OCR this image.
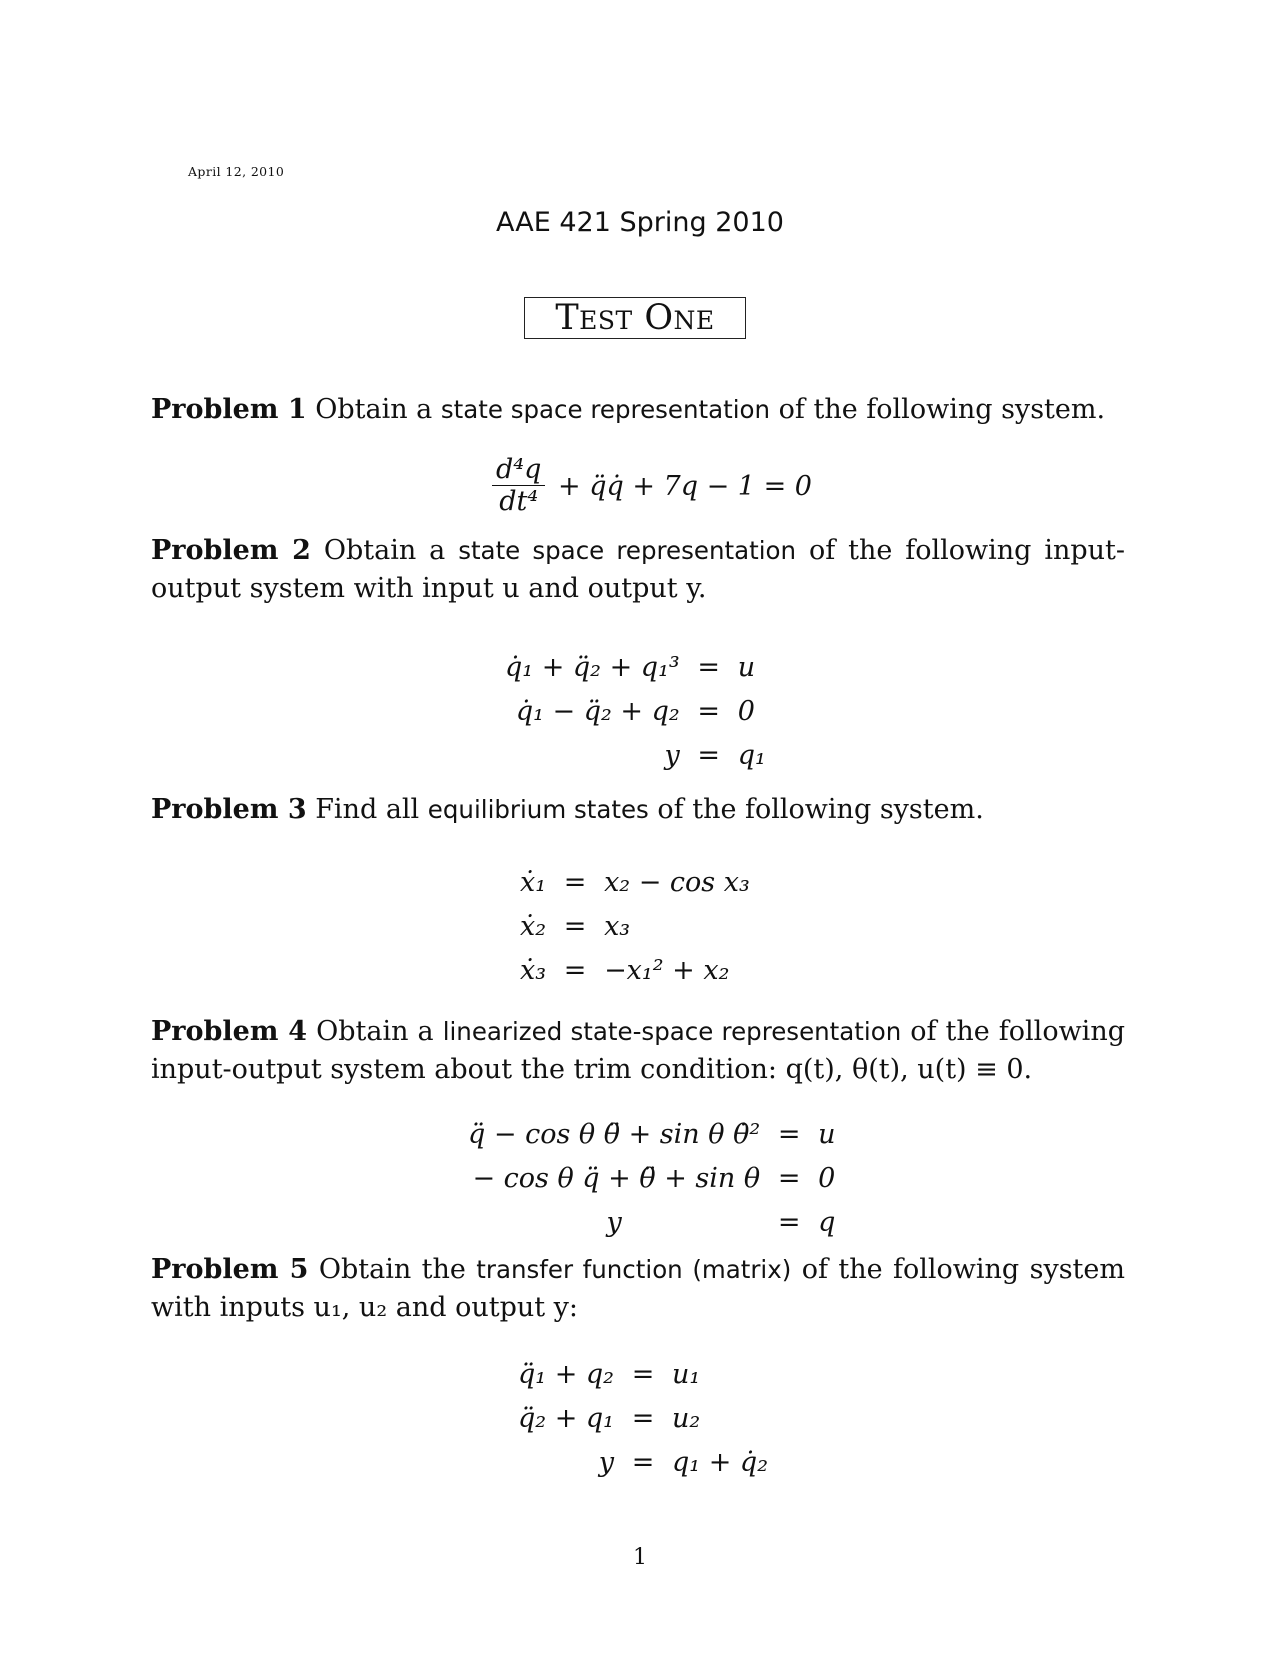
April 12, 2010
AAE 421 Spring 2010
Test One
Problem 1 Obtain a state space representation of the following system.
$\frac{\text{d⁴q}}{\text{dt⁴}}$ + q̈q̇ + 7q − 1 = 0
Problem 2 Obtain a state space representation of the following input-output system with input u and output y.
q̇₁ + q̈₂ + q₁³	=	u
q̇₁ − q̈₂ + q₂	=	0
y	=	q₁
Problem 3 Find all equilibrium states of the following system.
ẋ₁	=	x₂ − cos x₃
ẋ₂	=	x₃
ẋ₃	=	−x₁² + x₂
Problem 4 Obtain a linearized state-space representation of the following input-output system about the trim condition: q(t), θ(t), u(t) ≡ 0.
q̈ − cos θ θ̈ + sin θ θ̇²	=	u
− cos θ q̈ + θ̈ + sin θ	=	0
y	=	q
Problem 5 Obtain the transfer function (matrix) of the following system with inputs u₁, u₂ and output y:
q̈₁ + q₂	=	u₁
q̈₂ + q₁	=	u₂
y	=	q₁ + q̇₂
1
